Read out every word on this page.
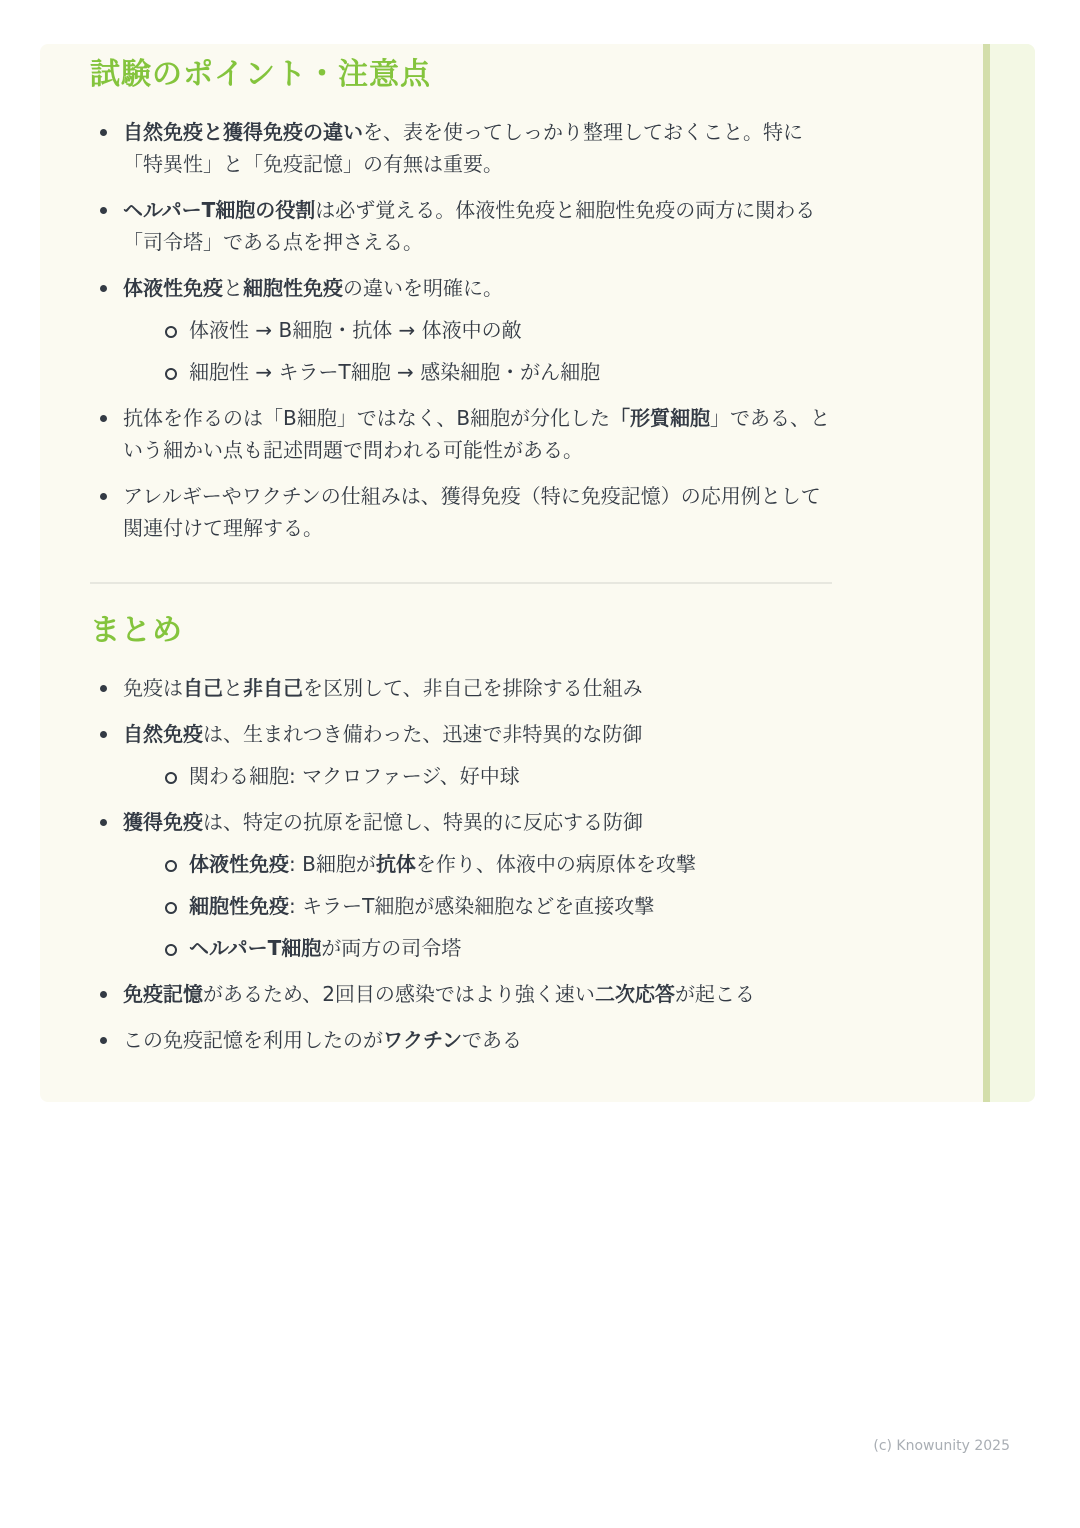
試験のポイント・注意点
自然免疫と獲得免疫の違いを、表を使ってしっかり整理しておくこと。特に「特異性」と「免疫記憶」の有無は重要。
ヘルパーT細胞の役割は必ず覚える。体液性免疫と細胞性免疫の両方に関わる「司令塔」である点を押さえる。
体液性免疫と細胞性免疫の違いを明確に。
体液性 → B細胞・抗体 → 体液中の敵
細胞性 → キラーT細胞 → 感染細胞・がん細胞
抗体を作るのは「B細胞」ではなく、B細胞が分化した「形質細胞」である、という細かい点も記述問題で問われる可能性がある。
アレルギーやワクチンの仕組みは、獲得免疫（特に免疫記憶）の応用例として関連付けて理解する。
まとめ
免疫は自己と非自己を区別して、非自己を排除する仕組み
自然免疫は、生まれつき備わった、迅速で非特異的な防御
関わる細胞: マクロファージ、好中球
獲得免疫は、特定の抗原を記憶し、特異的に反応する防御
体液性免疫: B細胞が抗体を作り、体液中の病原体を攻撃
細胞性免疫: キラーT細胞が感染細胞などを直接攻撃
ヘルパーT細胞が両方の司令塔
免疫記憶があるため、2回目の感染ではより強く速い二次応答が起こる
この免疫記憶を利用したのがワクチンである
(c) Knowunity 2025
